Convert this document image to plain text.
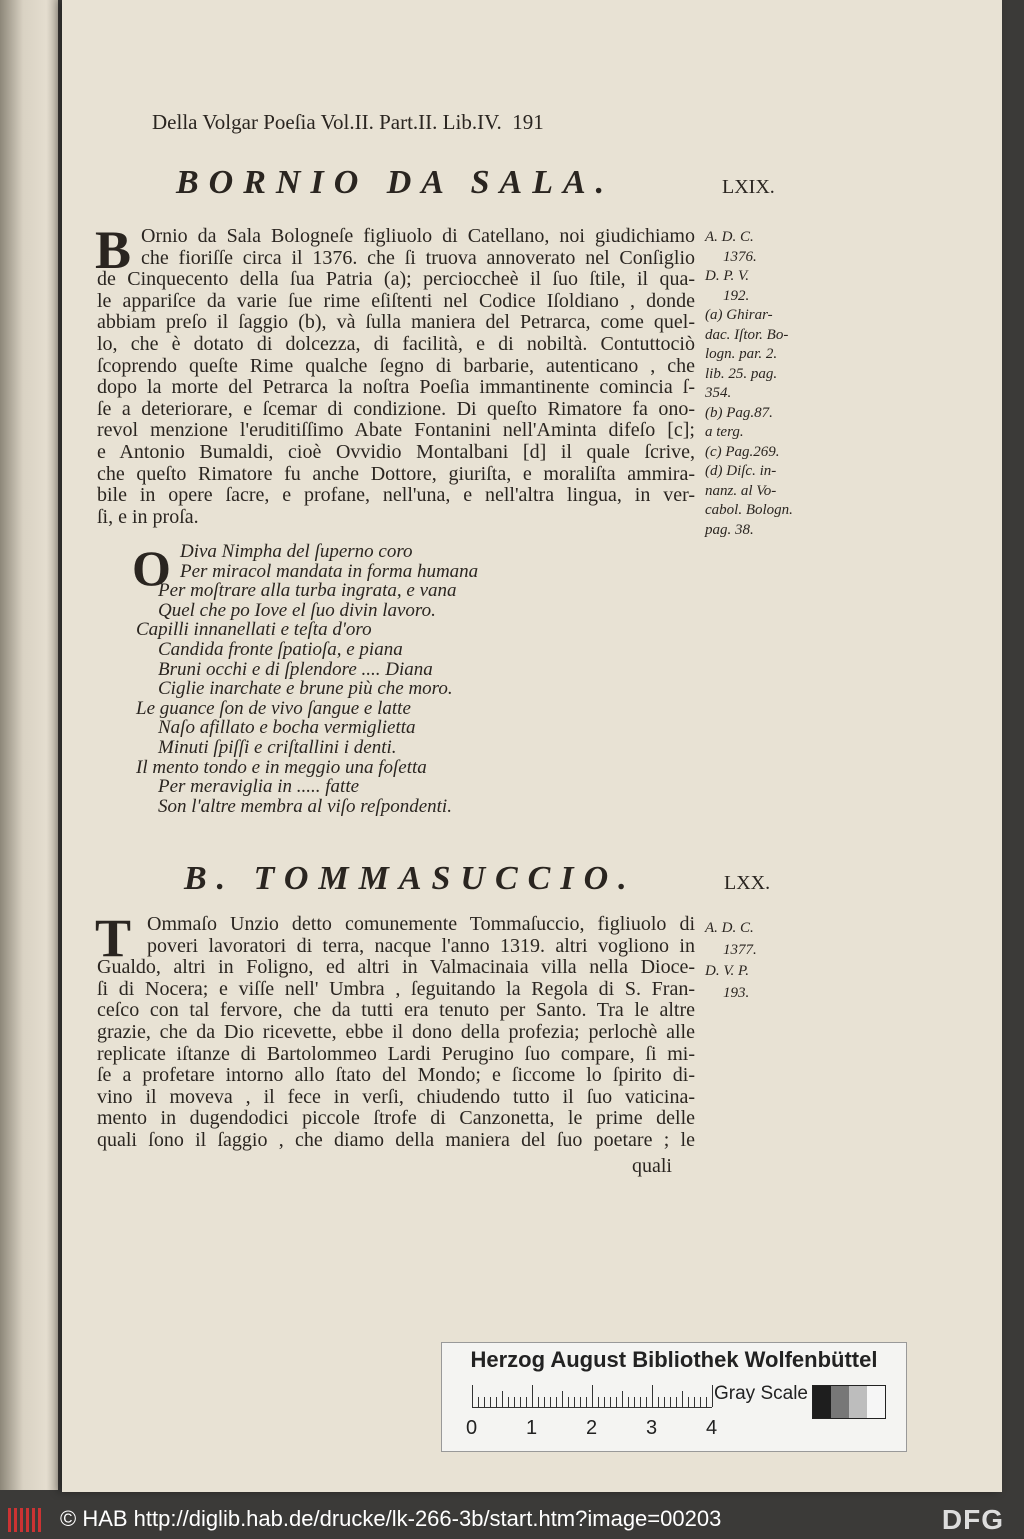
Della Volgar Poeſia Vol.II. Part.II. Lib.IV. 191
BORNIO DA SALA.	LXIX.
B Ornio da Sala Bologneſe figliuolo di Catellano, noi giudichiamo
che fioriſſe circa il 1376. che ſi truova annoverato nel Conſiglio
de Cinquecento della ſua Patria (a); percioccheè il ſuo ſtile, il qua-
le appariſce da varie ſue rime eſiſtenti nel Codice Iſoldiano , donde
abbiam preſo il ſaggio (b), và ſulla maniera del Petrarca, come quel-
lo, che è dotato di dolcezza, di facilità, e di nobiltà. Contuttociò
ſcoprendo queſte Rime qualche ſegno di barbarie, autenticano , che
dopo la morte del Petrarca la noſtra Poeſia immantinente comincia ſ-
ſe a deteriorare, e ſcemar di condizione. Di queſto Rimatore fa ono-
revol menzione l'eruditiſſimo Abate Fontanini nell'Aminta difeſo [c];
e Antonio Bumaldi, cioè Ovvidio Montalbani [d] il quale ſcrive,
che queſto Rimatore fu anche Dottore, giuriſta, e moraliſta ammira-
bile in opere ſacre, e profane, nell'una, e nell'altra lingua, in ver-
ſi, e in proſa.
A. D. C.
1376.
D. P. V.
192.
(a) Ghirar-
dac. Iſtor. Bo-
logn. par. 2.
lib. 25. pag.
354.
(b) Pag.87.
a terg.
(c) Pag.269.
(d) Diſc. in-
nanz. al Vo-
cabol. Bologn.
pag. 38.
O Diva Nimpha del ſuperno coro
Per miracol mandata in forma humana
Per moſtrare alla turba ingrata, e vana
Quel che po Iove el ſuo divin lavoro.
Capilli innanellati e teſta d'oro
Candida fronte ſpatioſa, e piana
Bruni occhi e di ſplendore .... Diana
Ciglie inarchate e brune più che moro.
Le guance ſon de vivo ſangue e latte
Naſo afillato e bocha vermiglietta
Minuti ſpiſſi e criſtallini i denti.
Il mento tondo e in meggio una foſetta
Per meraviglia in ..... fatte
Son l'altre membra al viſo reſpondenti.
B. TOMMASUCCIO.	LXX.
T Ommaſo Unzio detto comunemente Tommaſuccio, figliuolo di
poveri lavoratori di terra, nacque l'anno 1319. altri vogliono in
Gualdo, altri in Foligno, ed altri in Valmacinaia villa nella Dioce-
ſi di Nocera; e viſſe nell' Umbra , ſeguitando la Regola di S. Fran-
ceſco con tal fervore, che da tutti era tenuto per Santo. Tra le altre
grazie, che da Dio ricevette, ebbe il dono della profezia; perlochè alle
replicate iſtanze di Bartolommeo Lardi Perugino ſuo compare, ſi mi-
ſe a profetare intorno allo ſtato del Mondo; e ſiccome lo ſpirito di-
vino il moveva , il fece in verſi, chiudendo tutto il ſuo vaticina-
mento in dugendodici piccole ſtrofe di Canzonetta, le prime delle
quali ſono il ſaggio , che diamo della maniera del ſuo poetare ; le
quali
A. D. C.
1377.
D. V. P.
193.
Herzog August Bibliothek Wolfenbüttel
Gray Scale
0 1 2 3 4
© HAB http://diglib.hab.de/drucke/lk-266-3b/start.htm?image=00203	DFG
